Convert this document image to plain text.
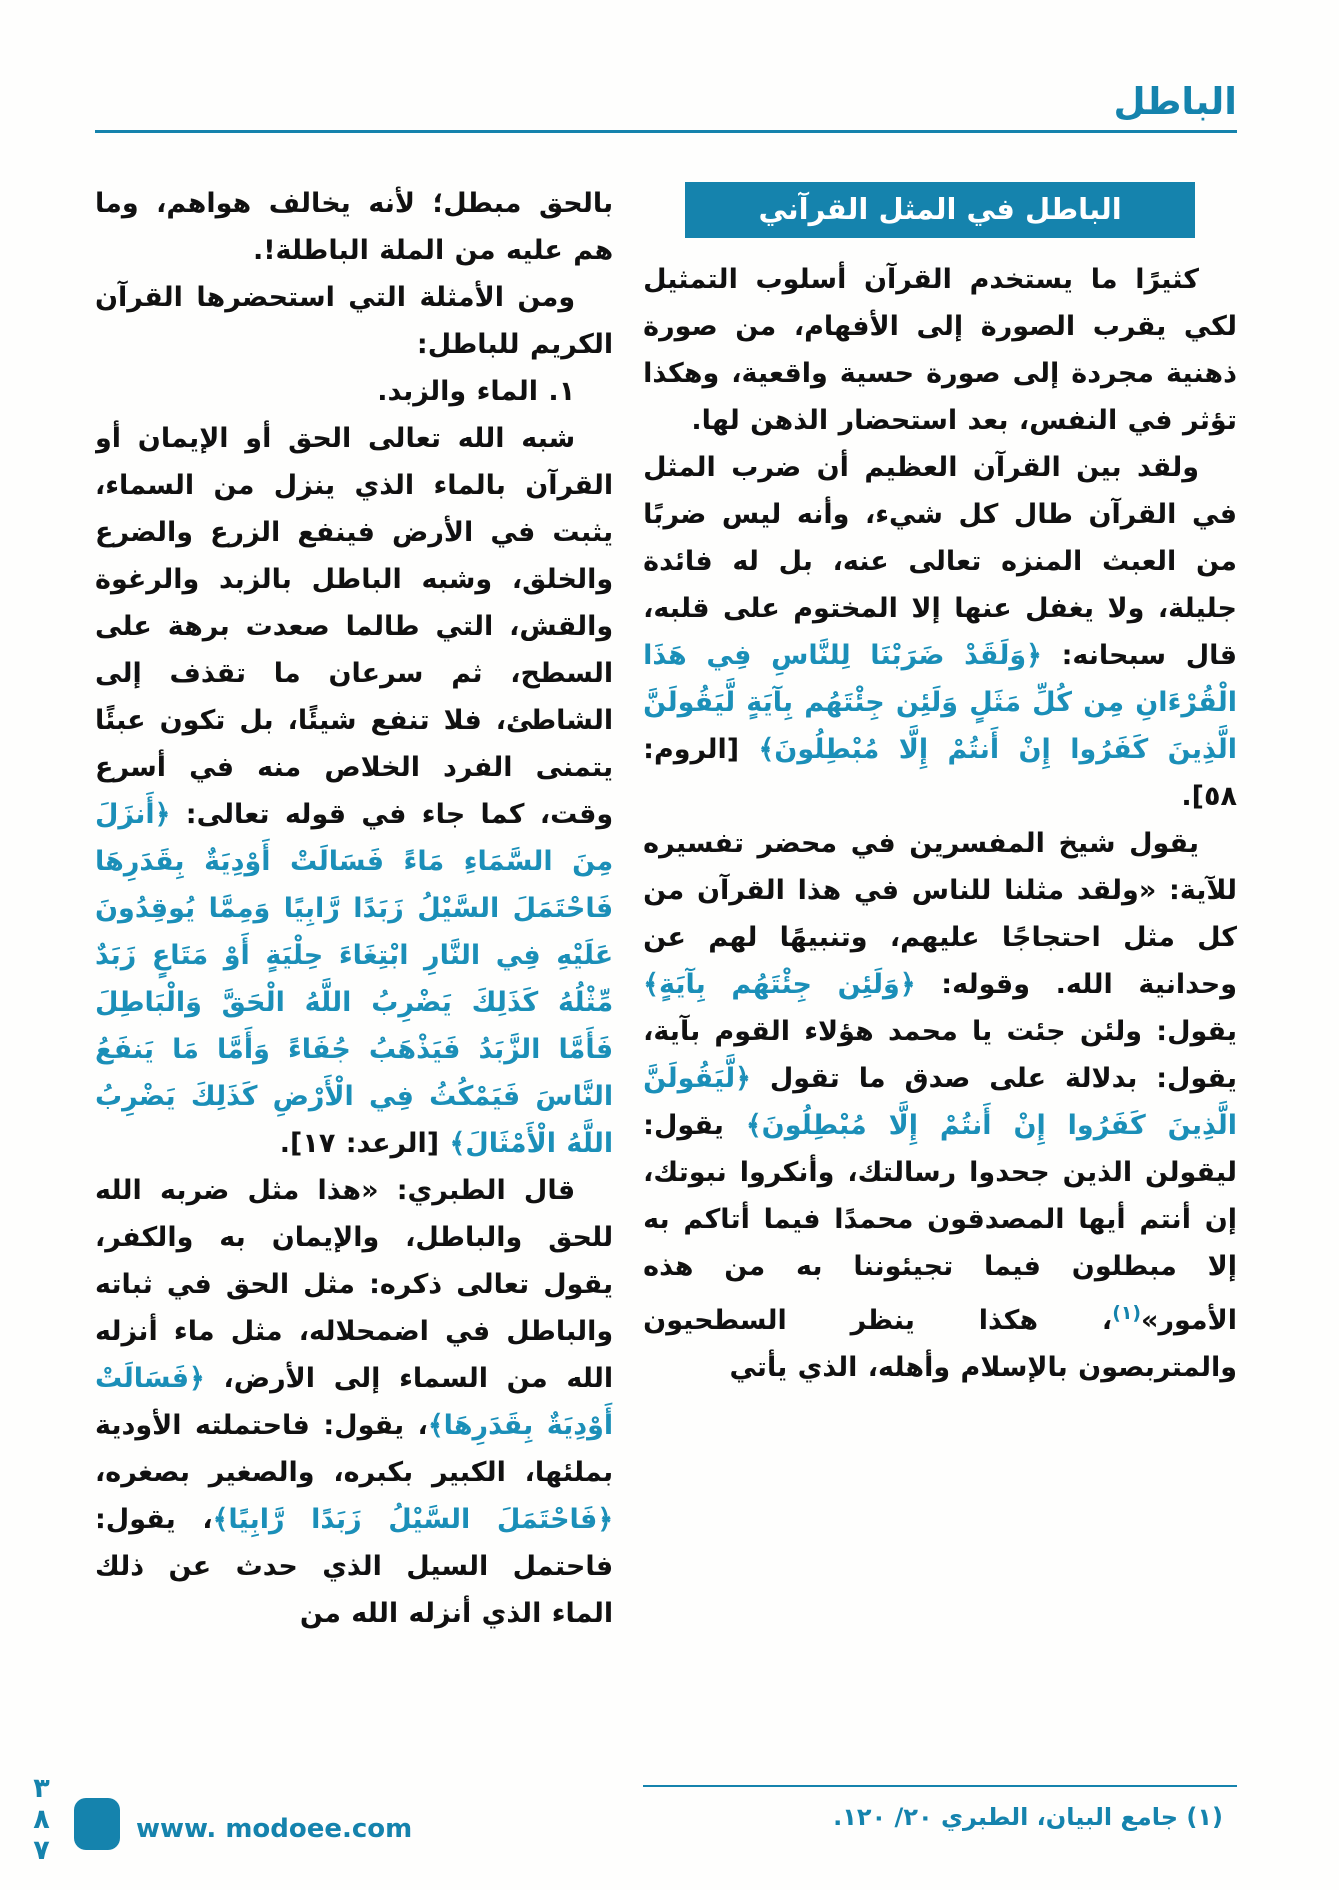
الباطل
الباطل في المثل القرآني

كثيرًا ما يستخدم القرآن أسلوب التمثيل لكي يقرب الصورة إلى الأفهام، من صورة ذهنية مجردة إلى صورة حسية واقعية، وهكذا تؤثر في النفس، بعد استحضار الذهن لها.

ولقد بين القرآن العظيم أن ضرب المثل في القرآن طال كل شيء، وأنه ليس ضربًا من العبث المنزه تعالى عنه، بل له فائدة جليلة، ولا يغفل عنها إلا المختوم على قلبه، قال سبحانه: ﴿وَلَقَدْ ضَرَبْنَا لِلنَّاسِ فِي هَذَا الْقُرْءَانِ مِن كُلِّ مَثَلٍ وَلَئِن جِئْتَهُم بِآيَةٍ لَّيَقُولَنَّ الَّذِينَ كَفَرُوا إِنْ أَنتُمْ إِلَّا مُبْطِلُونَ﴾ [الروم: ٥٨].

يقول شيخ المفسرين في محضر تفسيره للآية: «ولقد مثلنا للناس في هذا القرآن من كل مثل احتجاجًا عليهم، وتنبيهًا لهم عن وحدانية الله. وقوله: ﴿وَلَئِن جِئْتَهُم بِآيَةٍ﴾ يقول: ولئن جئت يا محمد هؤلاء القوم بآية، يقول: بدلالة على صدق ما تقول ﴿لَّيَقُولَنَّ الَّذِينَ كَفَرُوا إِنْ أَنتُمْ إِلَّا مُبْطِلُونَ﴾ يقول: ليقولن الذين جحدوا رسالتك، وأنكروا نبوتك، إن أنتم أيها المصدقون محمدًا فيما أتاكم به إلا مبطلون فيما تجيئوننا به من هذه الأمور»$^{(١)}$، هكذا ينظر السطحيون والمتربصون بالإسلام وأهله، الذي يأتي

(١) جامع البيان، الطبري ٢٠/ ١٢٠.

بالحق مبطل؛ لأنه يخالف هواهم، وما هم عليه من الملة الباطلة!.

ومن الأمثلة التي استحضرها القرآن الكريم للباطل:

١. الماء والزبد.

شبه الله تعالى الحق أو الإيمان أو القرآن بالماء الذي ينزل من السماء، يثبت في الأرض فينفع الزرع والضرع والخلق، وشبه الباطل بالزبد والرغوة والقش، التي طالما صعدت برهة على السطح، ثم سرعان ما تقذف إلى الشاطئ، فلا تنفع شيئًا، بل تكون عبئًا يتمنى الفرد الخلاص منه في أسرع وقت، كما جاء في قوله تعالى: ﴿أَنزَلَ مِنَ السَّمَاءِ مَاءً فَسَالَتْ أَوْدِيَةٌ بِقَدَرِهَا فَاحْتَمَلَ السَّيْلُ زَبَدًا رَّابِيًا وَمِمَّا يُوقِدُونَ عَلَيْهِ فِي النَّارِ ابْتِغَاءَ حِلْيَةٍ أَوْ مَتَاعٍ زَبَدٌ مِّثْلُهُ كَذَلِكَ يَضْرِبُ اللَّهُ الْحَقَّ وَالْبَاطِلَ فَأَمَّا الزَّبَدُ فَيَذْهَبُ جُفَاءً وَأَمَّا مَا يَنفَعُ النَّاسَ فَيَمْكُثُ فِي الْأَرْضِ كَذَلِكَ يَضْرِبُ اللَّهُ الْأَمْثَالَ﴾ [الرعد: ١٧].

قال الطبري: «هذا مثل ضربه الله للحق والباطل، والإيمان به والكفر، يقول تعالى ذكره: مثل الحق في ثباته والباطل في اضمحلاله، مثل ماء أنزله الله من السماء إلى الأرض، ﴿فَسَالَتْ أَوْدِيَةٌ بِقَدَرِهَا﴾، يقول: فاحتملته الأودية بملئها، الكبير بكبره، والصغير بصغره، ﴿فَاحْتَمَلَ السَّيْلُ زَبَدًا رَّابِيًا﴾، يقول: فاحتمل السيل الذي حدث عن ذلك الماء الذي أنزله الله من

٣٨٧	www. modoee.com
